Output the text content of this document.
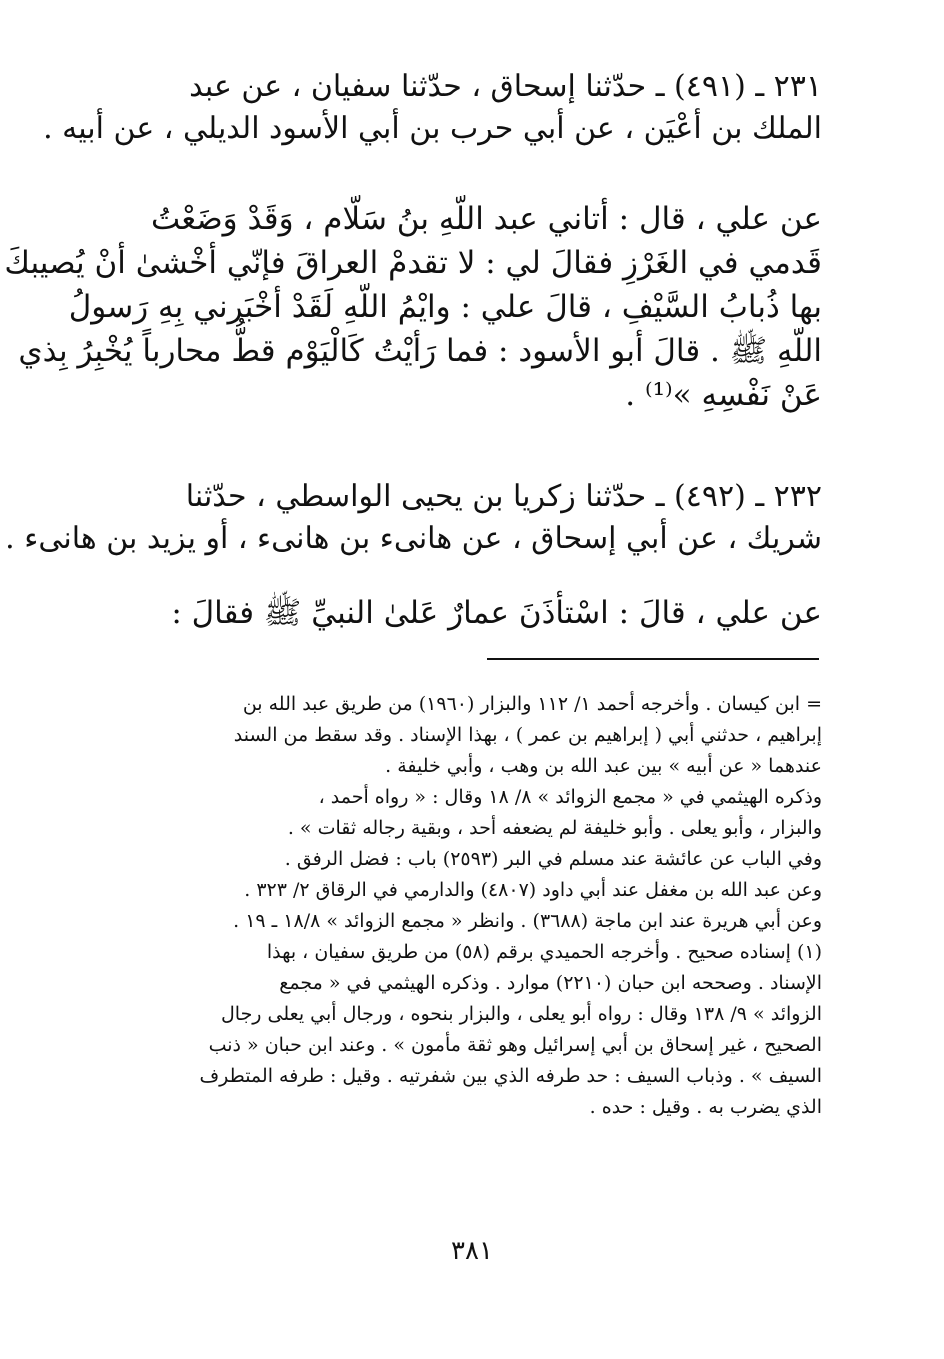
٢٣١ ـ (٤٩١) ـ حدّثنا إسحاق ، حدّثنا سفيان ، عن عبد
الملك بن أعْيَن ، عن أبي حرب بن أبي الأسود الديلي ، عن أبيه .
عن علي ، قال : أتاني عبد اللّهِ بنُ سَلّام ، وَقَدْ وَضَعْتُ
قَدمي في الغَرْزِ فقالَ لي : لا تقدمْ العراقَ فإنّي أخْشىٰ أنْ يُصيبكَ
بها ذُبابُ السَّيْفِ ، قالَ علي : وايْمُ اللّهِ لَقَدْ أخْبَرني بِهِ رَسولُ
اللّهِ ﷺ . قالَ أبو الأسود : فما رَأيْتُ كَالْيَوْم قطُّ محارباً يُخْبِرُ بِذي
عَنْ نَفْسِهِ »⁽¹⁾ .
٢٣٢ ـ (٤٩٢) ـ حدّثنا زكريا بن يحيى الواسطي ، حدّثنا
شريك ، عن أبي إسحاق ، عن هانىء بن هانىء ، أو يزيد بن هانىء .
عن علي ، قالَ : اسْتأذَنَ عمارٌ عَلىٰ النبيِّ ﷺ فقالَ :
= ابن كيسان . وأخرجه أحمد ١/ ١١٢ والبزار (١٩٦٠) من طريق عبد الله بن
إبراهيم ، حدثني أبي ( إبراهيم بن عمر ) ، بهذا الإسناد . وقد سقط من السند
عندهما « عن أبيه » بين عبد الله بن وهب ، وأبي خليفة .
وذكره الهيثمي في « مجمع الزوائد » ٨/ ١٨ وقال : « رواه أحمد ،
والبزار ، وأبو يعلى . وأبو خليفة لم يضعفه أحد ، وبقية رجاله ثقات » .
وفي الباب عن عائشة عند مسلم في البر (٢٥٩٣) باب : فضل الرفق .
وعن عبد الله بن مغفل عند أبي داود (٤٨٠٧) والدارمي في الرقاق ٢/ ٣٢٣ .
وعن أبي هريرة عند ابن ماجة (٣٦٨٨) . وانظر « مجمع الزوائد » ١٨/٨ ـ ١٩ .
(١) إسناده صحيح . وأخرجه الحميدي برقم (٥٨) من طريق سفيان ، بهذا
الإسناد . وصححه ابن حبان (٢٢١٠) موارد . وذكره الهيثمي في « مجمع
الزوائد » ٩/ ١٣٨ وقال : رواه أبو يعلى ، والبزار بنحوه ، ورجال أبي يعلى رجال
الصحيح ، غير إسحاق بن أبي إسرائيل وهو ثقة مأمون » . وعند ابن حبان « ذنب
السيف » . وذباب السيف : حد طرفه الذي بين شفرتيه . وقيل : طرفه المتطرف
الذي يضرب به . وقيل : حده .
٣٨١
